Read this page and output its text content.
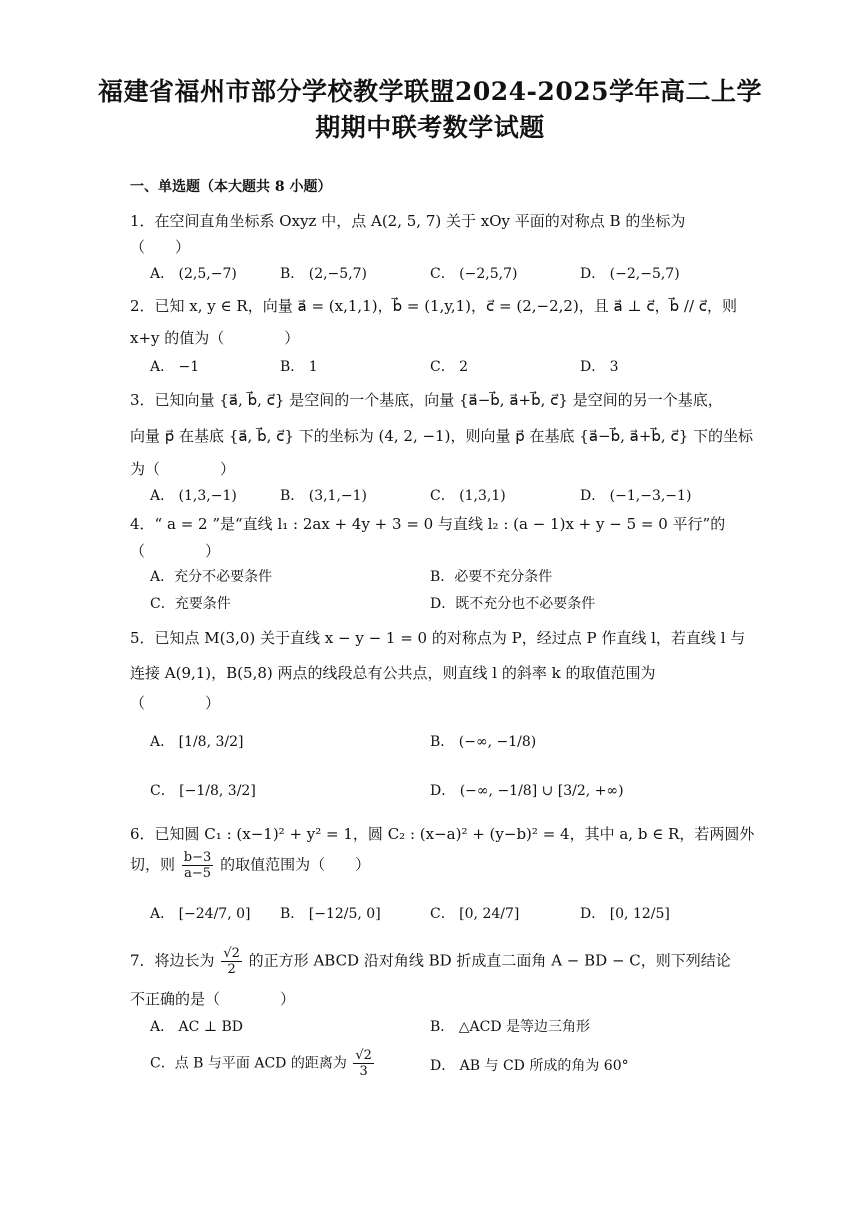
福建省福州市部分学校教学联盟2024-2025学年高二上学
期期中联考数学试题
一、单选题（本大题共 8 小题）
1．在空间直角坐标系 Oxyz 中，点 A(2, 5, 7) 关于 xOy 平面的对称点 B 的坐标为
（　　）
A． (2,5,−7)	B． (2,−5,7)	C． (−2,5,7)	D． (−2,−5,7)
2．已知 x, y ∈ R，向量 a⃗ = (x,1,1)，b⃗ = (1,y,1)，c⃗ = (2,−2,2)，且 a⃗ ⊥ c⃗，b⃗ // c⃗，则
x+y 的值为（　　　　）
A． −1	B． 1	C． 2	D． 3
3．已知向量 {a⃗, b⃗, c⃗} 是空间的一个基底，向量 {a⃗−b⃗, a⃗+b⃗, c⃗} 是空间的另一个基底，
向量 p⃗ 在基底 {a⃗, b⃗, c⃗} 下的坐标为 (4, 2, −1)，则向量 p⃗ 在基底 {a⃗−b⃗, a⃗+b⃗, c⃗} 下的坐标
为（　　　　）
A． (1,3,−1)	B． (3,1,−1)	C． (1,3,1)	D． (−1,−3,−1)
4．“ a = 2 ”是“直线 l₁ : 2ax + 4y + 3 = 0 与直线 l₂ : (a − 1)x + y − 5 = 0 平行”的
（　　　　）
A．充分不必要条件	B．必要不充分条件
C．充要条件	D．既不充分也不必要条件
5．已知点 M(3,0) 关于直线 x − y − 1 = 0 的对称点为 P，经过点 P 作直线 l，若直线 l 与
连接 A(9,1)，B(5,8) 两点的线段总有公共点，则直线 l 的斜率 k 的取值范围为
（　　　　）
A． [1/8, 3/2]	B． (−∞, −1/8)
C． [−1/8, 3/2]	D． (−∞, −1/8] ∪ [3/2, +∞)
6．已知圆 C₁ : (x−1)² + y² = 1，圆 C₂ : (x−a)² + (y−b)² = 4，其中 a, b ∈ R，若两圆外
切，则 $\frac{b-3}{a-5}$ 的取值范围为（　　）
A． [−24/7, 0] B． [−12/5, 0]	C． [0, 24/7]	D． [0, 12/5]
7．将边长为 $\frac{√2}{2}$ 的正方形 ABCD 沿对角线 BD 折成直二面角 A − BD − C，则下列结论
不正确的是（　　　　）
A． AC ⊥ BD	B． △ACD 是等边三角形
C．点 B 与平面 ACD 的距离为 $\frac{√2}{3}$	D． AB 与 CD 所成的角为 60°
